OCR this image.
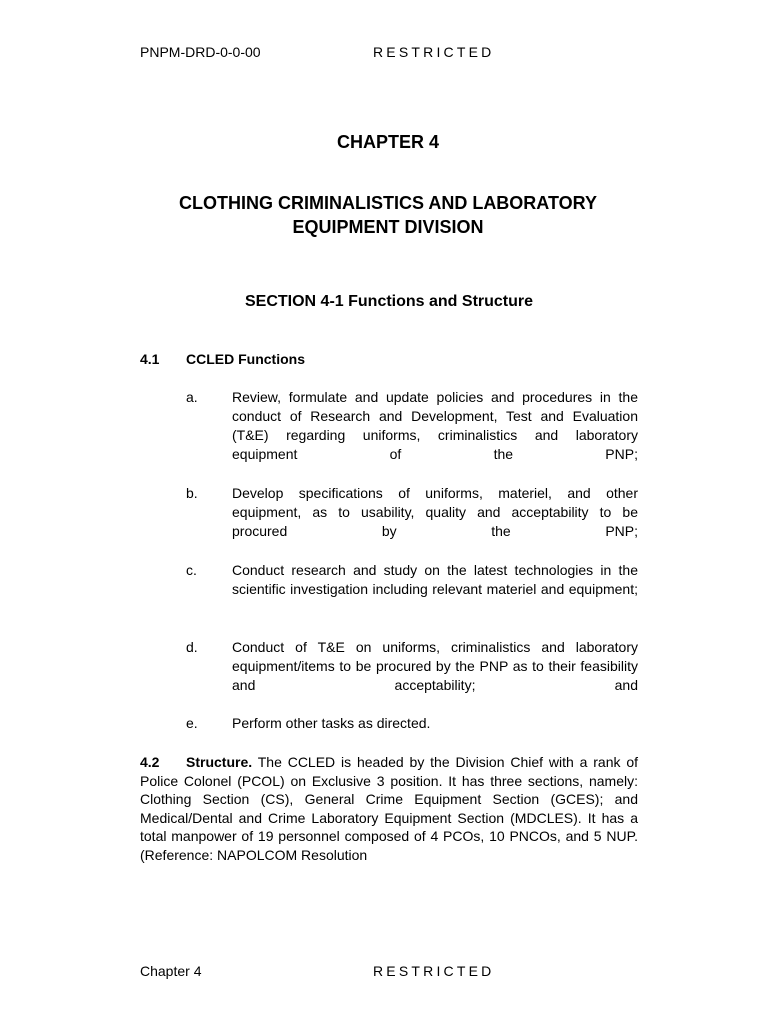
PNPM-DRD-0-0-00	RESTRICTED
CHAPTER 4
CLOTHING CRIMINALISTICS AND LABORATORY EQUIPMENT DIVISION
SECTION 4-1 Functions and Structure
4.1 CCLED Functions
a. Review, formulate and update policies and procedures in the conduct of Research and Development, Test and Evaluation (T&E) regarding uniforms, criminalistics and laboratory equipment of the PNP;
b. Develop specifications of uniforms, materiel, and other equipment, as to usability, quality and acceptability to be procured by the PNP;
c.	Conduct research and study on the latest technologies in the scientific investigation including relevant materiel and equipment;
d. Conduct of T&E on uniforms, criminalistics and laboratory equipment/items to be procured by the PNP as to their feasibility and acceptability; and
e. Perform other tasks as directed.
4.2 Structure. The CCLED is headed by the Division Chief with a rank of Police Colonel (PCOL) on Exclusive 3 position. It has three sections, namely: Clothing Section (CS), General Crime Equipment Section (GCES); and Medical/Dental and Crime Laboratory Equipment Section (MDCLES). It has a total manpower of 19 personnel composed of 4 PCOs, 10 PNCOs, and 5 NUP. (Reference: NAPOLCOM Resolution
Chapter 4	RESTRICTED
